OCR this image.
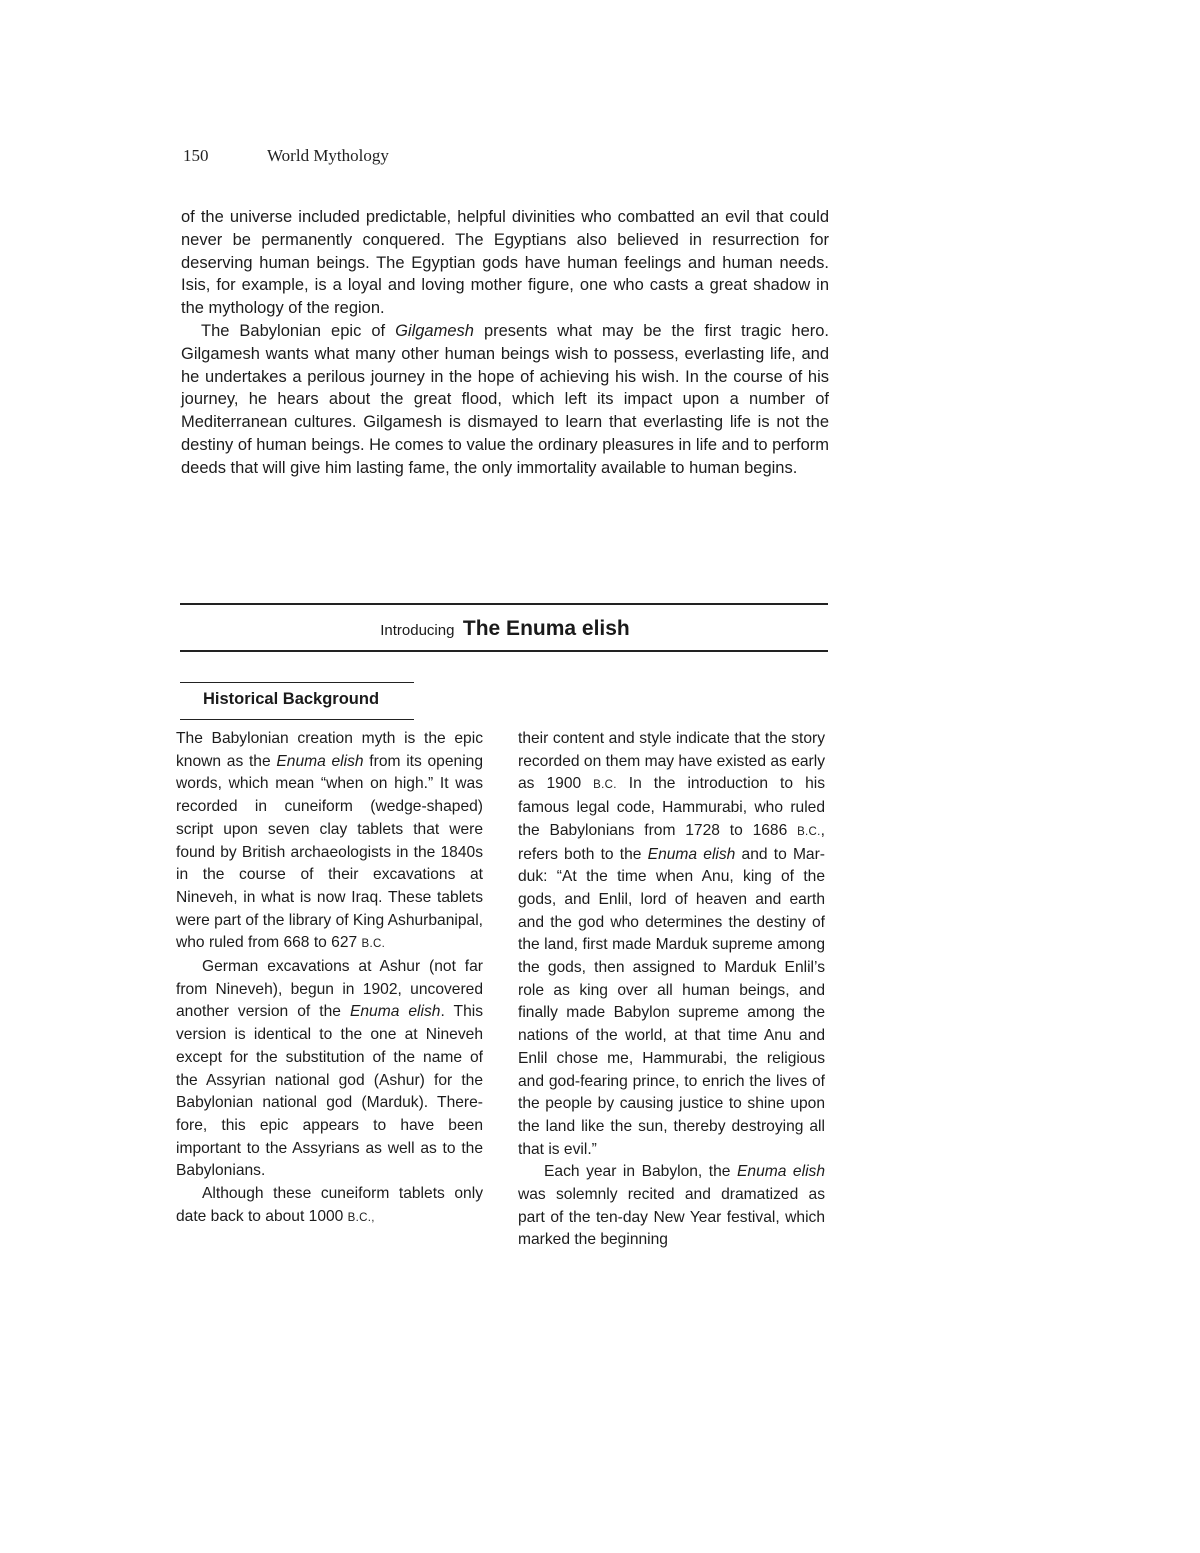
150	World Mythology

of the universe included predictable, helpful divinities who combatted an evil that could never be permanently conquered. The Egyptians also believed in resurrection for deserving human beings. The Egyptian gods have human feelings and human needs. Isis, for example, is a loyal and loving mother figure, one who casts a great shadow in the mythology of the region.

The Babylonian epic of Gilgamesh presents what may be the first tragic hero. Gilgamesh wants what many other human beings wish to possess, everlasting life, and he undertakes a perilous journey in the hope of achieving his wish. In the course of his journey, he hears about the great flood, which left its impact upon a number of Mediterranean cultures. Gilgamesh is dismayed to learn that everlasting life is not the destiny of human beings. He comes to value the ordinary pleasures in life and to perform deeds that will give him lasting fame, the only immortality available to human begins.

Introducing The Enuma elish
Historical Background

The Babylonian creation myth is the epic known as the Enuma elish from its opening words, which mean “when on high.” It was recorded in cuneiform (wedge-shaped) script upon seven clay tablets that were found by British archaeologists in the 1840s in the course of their excavations at Nineveh, in what is now Iraq. These tablets were part of the library of King Ashurbanipal, who ruled from 668 to 627 B.C.

German excavations at Ashur (not far from Nineveh), begun in 1902, uncovered another version of the Enuma elish. This version is identical to the one at Nineveh except for the substitution of the name of the Assyrian national god (Ashur) for the Babylonian national god (Marduk). Therefore, this epic appears to have been important to the Assyrians as well as to the Babylonians.

Although these cuneiform tablets only date back to about 1000 B.C.,

their content and style indicate that the story recorded on them may have existed as early as 1900 B.C. In the introduction to his famous legal code, Hammurabi, who ruled the Babylonians from 1728 to 1686 B.C., refers both to the Enuma elish and to Marduk: “At the time when Anu, king of the gods, and Enlil, lord of heaven and earth and the god who determines the destiny of the land, first made Marduk supreme among the gods, then assigned to Marduk Enlil’s role as king over all human beings, and finally made Babylon supreme among the nations of the world, at that time Anu and Enlil chose me, Hammurabi, the religious and god-fearing prince, to enrich the lives of the people by causing justice to shine upon the land like the sun, thereby destroying all that is evil.”

Each year in Babylon, the Enuma elish was solemnly recited and dramatized as part of the ten-day New Year festival, which marked the beginning
